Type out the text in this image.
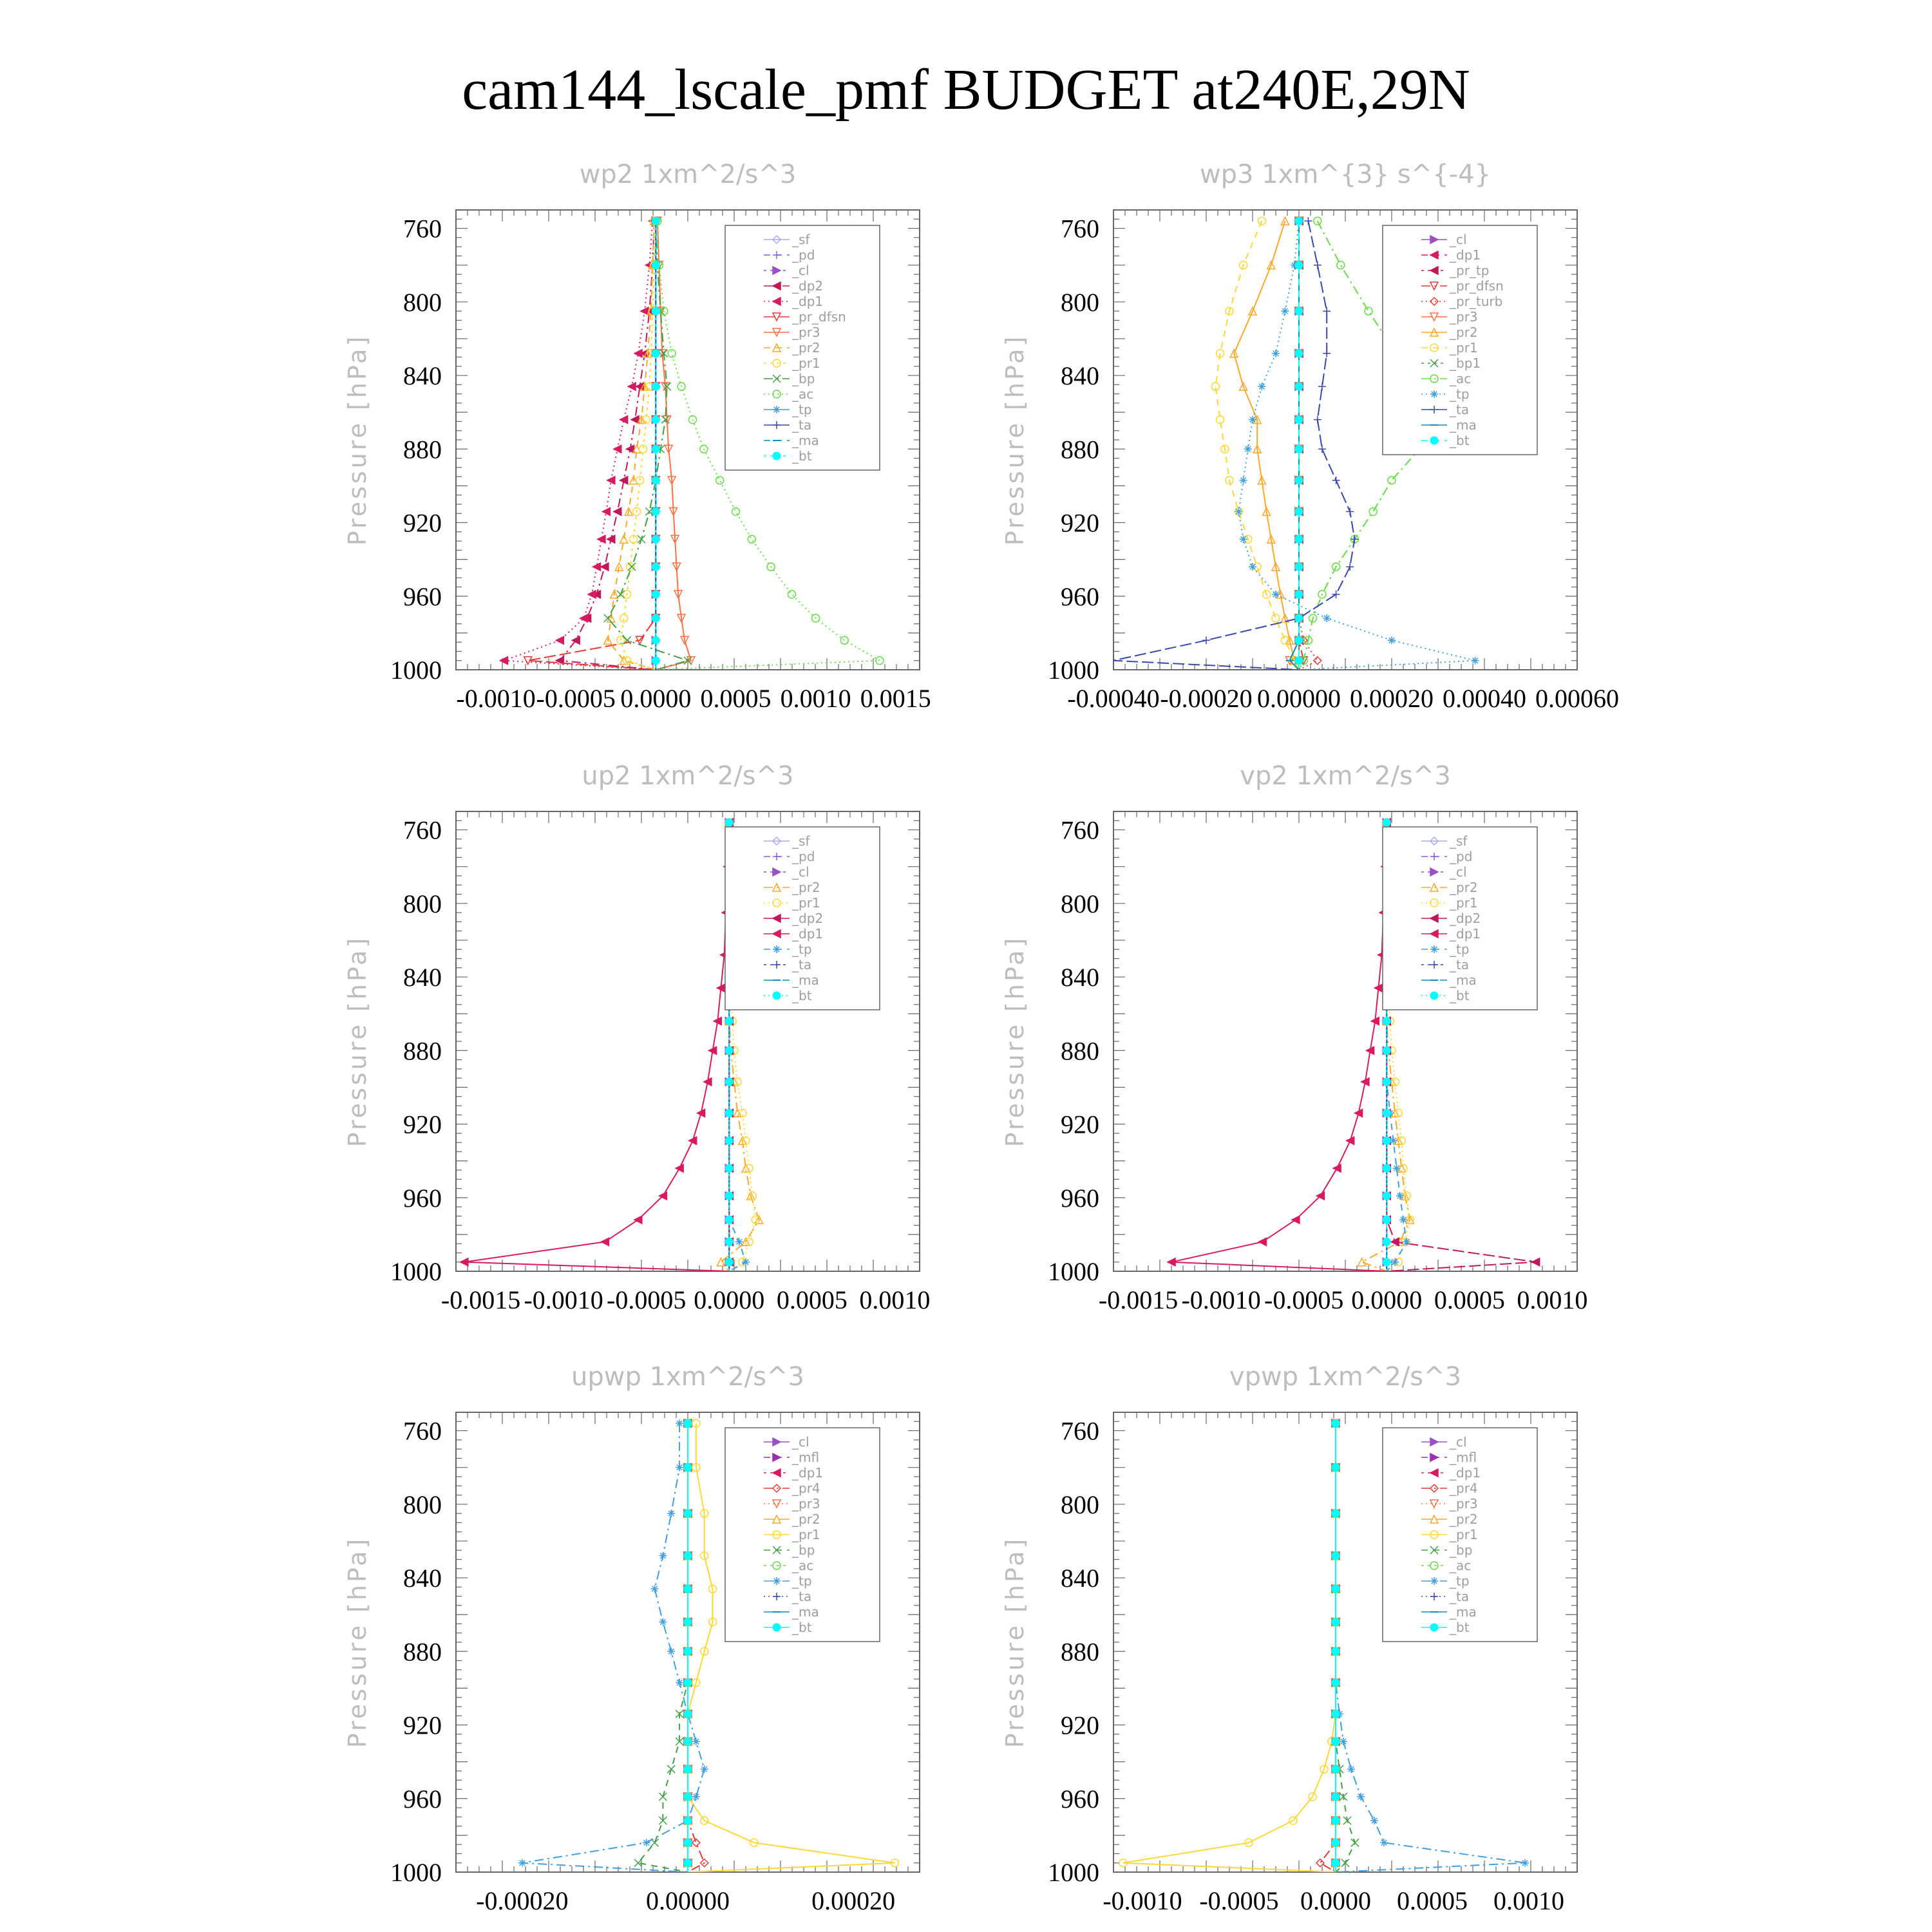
cam144_lscale_pmf BUDGET at240E,29N
wp2 1xm^2/s^3
Pressure [hPa]
760
800
840
880
920
960
1000
-0.0010 -0.0005 0.0000 0.0005 0.0010 0.0015
_sf
_pd
_cl
_dp2
_dp1
_pr_dfsn
_pr3
_pr2
_pr1
_bp
_ac
_tp
_ta
_ma
_bt
wp3 1xm^{3} s^{-4}
Pressure [hPa]
760
800
840
880
920
960
1000
-0.00040 -0.00020 0.00000 0.00020 0.00040 0.00060
_cl
_dp1
_pr_tp
_pr_dfsn
_pr_turb
_pr3
_pr2
_pr1
_bp1
_ac
_tp
_ta
_ma
_bt
up2 1xm^2/s^3
Pressure [hPa]
760
800
840
880
920
960
1000
-0.0015 -0.0010 -0.0005 0.0000 0.0005 0.0010
_sf
_pd
_cl
_pr2
_pr1
_dp2
_dp1
_tp
_ta
_ma
_bt
vp2 1xm^2/s^3
Pressure [hPa]
760
800
840
880
920
960
1000
-0.0015 -0.0010 -0.0005 0.0000 0.0005 0.0010
_sf
_pd
_cl
_pr2
_pr1
_dp2
_dp1
_tp
_ta
_ma
_bt
upwp 1xm^2/s^3
Pressure [hPa]
760
800
840
880
920
960
1000
-0.00020	0.00000	0.00020
_cl
_mfl
_dp1
_pr4
_pr3
_pr2
_pr1
_bp
_ac
_tp
_ta
_ma
_bt
vpwp 1xm^2/s^3
Pressure [hPa]
760
800
840
880
920
960
1000
-0.0010 -0.0005 0.0000 0.0005 0.0010
_cl
_mfl
_dp1
_pr4
_pr3
_pr2
_pr1
_bp
_ac
_tp
_ta
_ma
_bt
